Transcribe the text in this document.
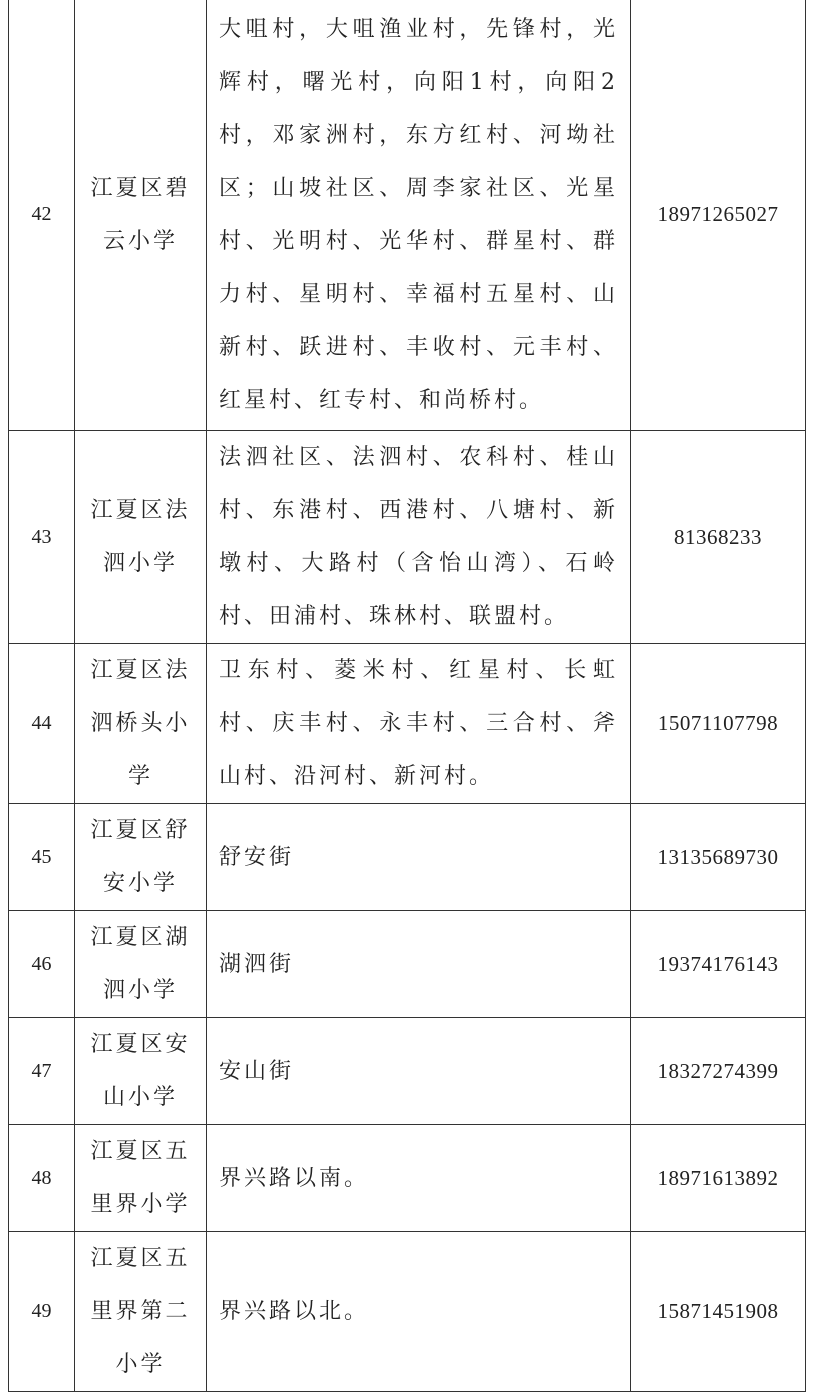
42	江夏区碧云小学	大咀村，大咀渔业村，先锋村，光辉村，曙光村，向阳1村，向阳2村，邓家洲村，东方红村、河坳社区；山坡社区、周李家社区、光星村、光明村、光华村、群星村、群力村、星明村、幸福村五星村、山新村、跃进村、丰收村、元丰村、红星村、红专村、和尚桥村。	18971265027
43	江夏区法泗小学	法泗社区、法泗村、农科村、桂山村、东港村、西港村、八塘村、新墩村、大路村（含怡山湾）、石岭村、田浦村、珠林村、联盟村。	81368233
44	江夏区法泗桥头小学	卫东村、菱米村、红星村、长虹村、庆丰村、永丰村、三合村、斧山村、沿河村、新河村。	15071107798
45	江夏区舒安小学	舒安街	13135689730
46	江夏区湖泗小学	湖泗街	19374176143
47	江夏区安山小学	安山街	18327274399
48	江夏区五里界小学	界兴路以南。	18971613892
49	江夏区五里界第二小学	界兴路以北。	15871451908
